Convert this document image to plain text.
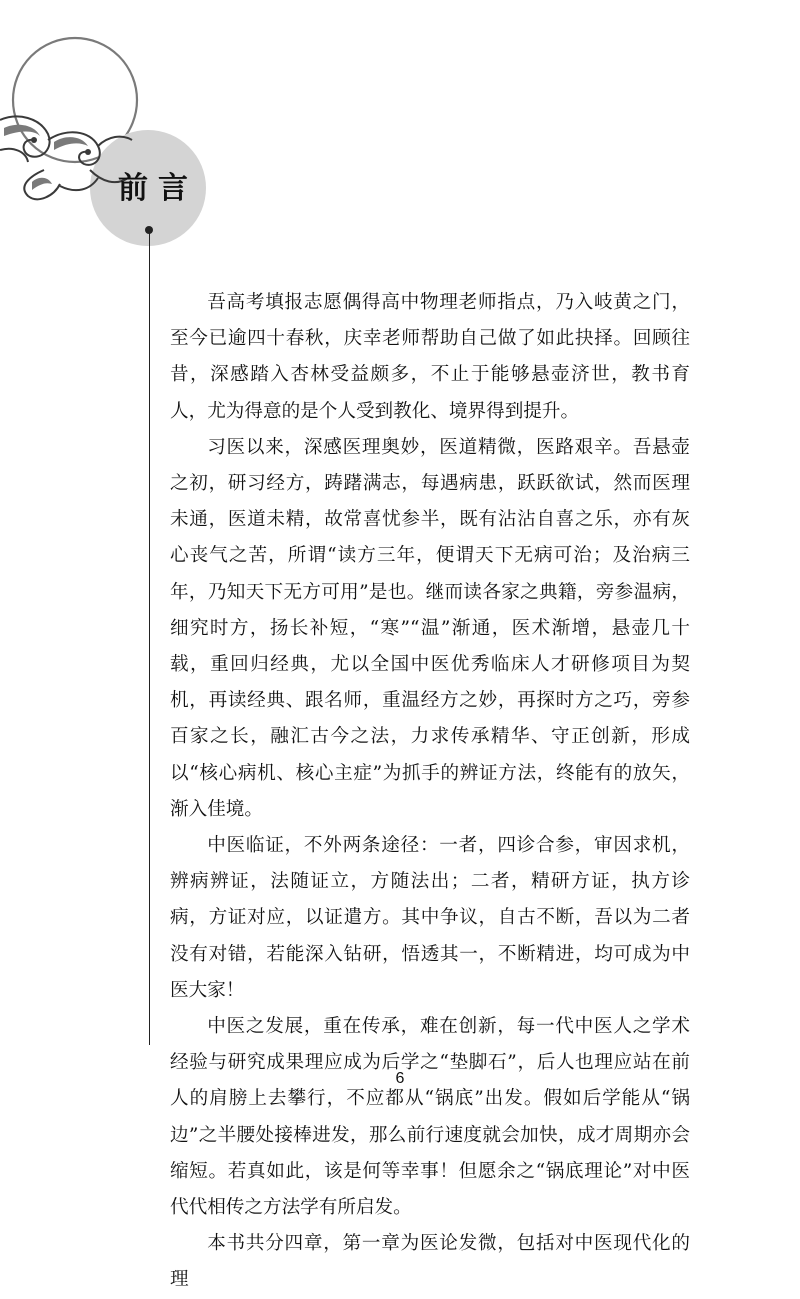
前言

吾高考填报志愿偶得高中物理老师指点，乃入岐黄之门，至今已逾四十春秋，庆幸老师帮助自己做了如此抉择。回顾往昔，深感踏入杏林受益颇多，不止于能够悬壶济世，教书育人，尤为得意的是个人受到教化、境界得到提升。

习医以来，深感医理奥妙，医道精微，医路艰辛。吾悬壶之初，研习经方，踌躇满志，每遇病患，跃跃欲试，然而医理未通，医道未精，故常喜忧参半，既有沾沾自喜之乐，亦有灰心丧气之苦，所谓“读方三年，便谓天下无病可治；及治病三年，乃知天下无方可用”是也。继而读各家之典籍，旁参温病，细究时方，扬长补短，“寒”“温”渐通，医术渐增，悬壶几十载，重回归经典，尤以全国中医优秀临床人才研修项目为契机，再读经典、跟名师，重温经方之妙，再探时方之巧，旁参百家之长，融汇古今之法，力求传承精华、守正创新，形成以“核心病机、核心主症”为抓手的辨证方法，终能有的放矢，渐入佳境。

中医临证，不外两条途径：一者，四诊合参，审因求机，辨病辨证，法随证立，方随法出；二者，精研方证，执方诊病，方证对应，以证遣方。其中争议，自古不断，吾以为二者没有对错，若能深入钻研，悟透其一，不断精进，均可成为中医大家！

中医之发展，重在传承，难在创新，每一代中医人之学术经验与研究成果理应成为后学之“垫脚石”，后人也理应站在前人的肩膀上去攀行，不应都从“锅底”出发。假如后学能从“锅边”之半腰处接棒进发，那么前行速度就会加快，成才周期亦会缩短。若真如此，该是何等幸事！但愿余之“锅底理论”对中医代代相传之方法学有所启发。

本书共分四章，第一章为医论发微，包括对中医现代化的理

6
